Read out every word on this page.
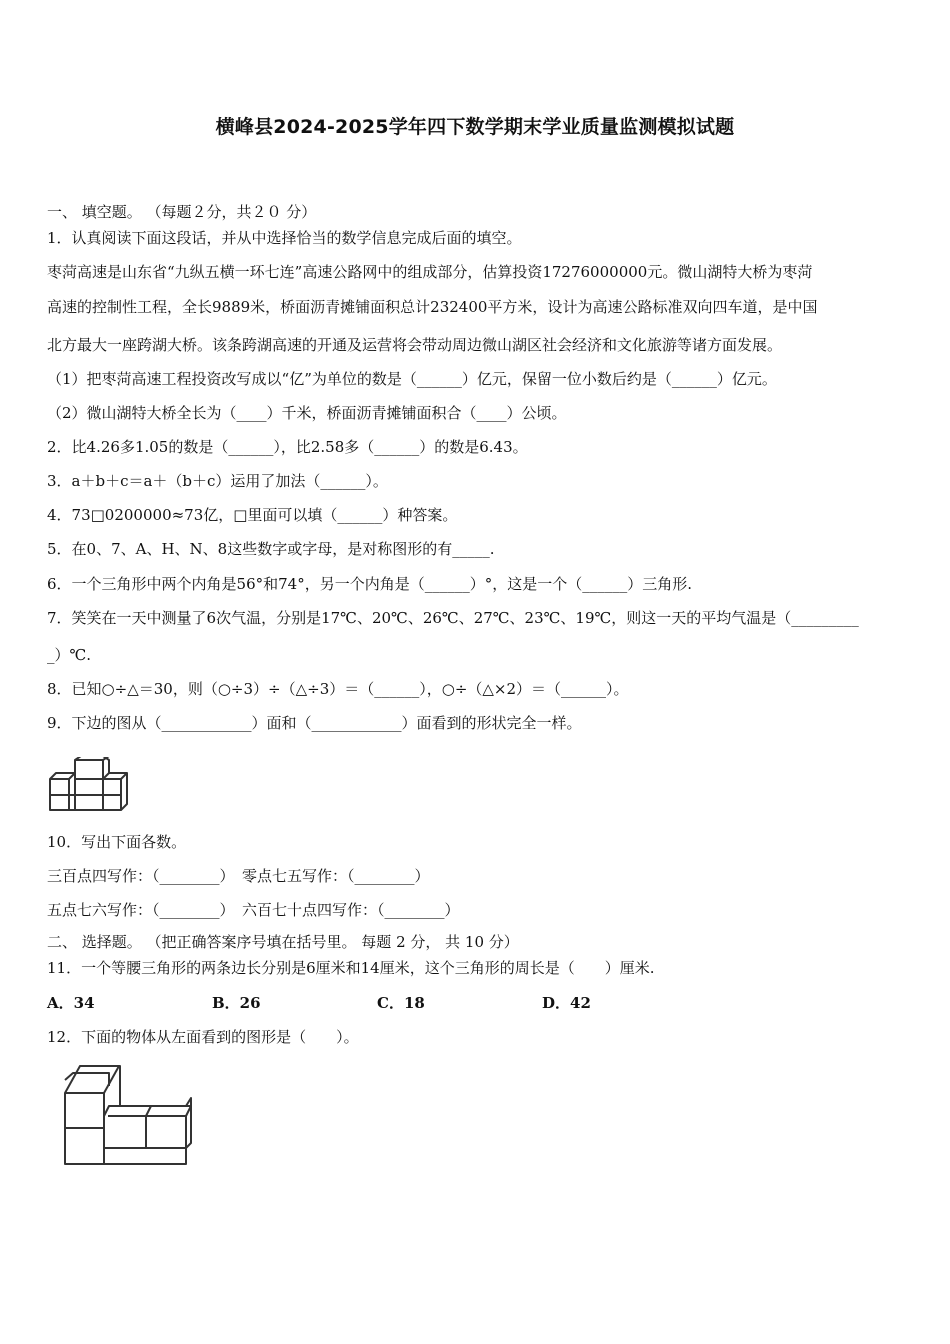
横峰县2024-2025学年四下数学期末学业质量监测模拟试题
一、 填空题。 （每题２分，共２０ 分）
1．认真阅读下面这段话，并从中选择恰当的数学信息完成后面的填空。
枣菏高速是山东省“九纵五横一环七连”高速公路网中的组成部分，估算投资17276000000元。微山湖特大桥为枣菏
高速的控制性工程，全长9889米，桥面沥青摊铺面积总计232400平方米，设计为高速公路标准双向四车道，是中国
北方最大一座跨湖大桥。该条跨湖高速的开通及运营将会带动周边微山湖区社会经济和文化旅游等诸方面发展。
（1）把枣菏高速工程投资改写成以“亿”为单位的数是（______）亿元，保留一位小数后约是（______）亿元。
（2）微山湖特大桥全长为（____）千米，桥面沥青摊铺面积合（____）公顷。
2．比4.26多1.05的数是（______），比2.58多（______）的数是6.43。
3．a＋b＋c＝a＋（b＋c）运用了加法（______）。
4．73□0200000≈73亿，□里面可以填（______）种答案。
5．在0、7、A、H、N、8这些数字或字母，是对称图形的有_____.
6．一个三角形中两个内角是56°和74°，另一个内角是（______）°，这是一个（______）三角形.
7．笑笑在一天中测量了6次气温，分别是17℃、20℃、26℃、27℃、23℃、19℃，则这一天的平均气温是（_________
_）℃.
8．已知○÷△＝30，则（○÷3）÷（△÷3）＝（______），○÷（△×2）＝（______）。
9．下边的图从（____________）面和（____________）面看到的形状完全一样。
10．写出下面各数。
三百点四写作：（________）　零点七五写作：（________）
五点七六写作：（________）　六百七十点四写作：（________）
二、 选择题。 （把正确答案序号填在括号里。 每题 2 分， 共 10 分）
11．一个等腰三角形的两条边长分别是6厘米和14厘米，这个三角形的周长是（　　）厘米.
A．34	B．26	C．18	D．42
12．下面的物体从左面看到的图形是（　　）。
